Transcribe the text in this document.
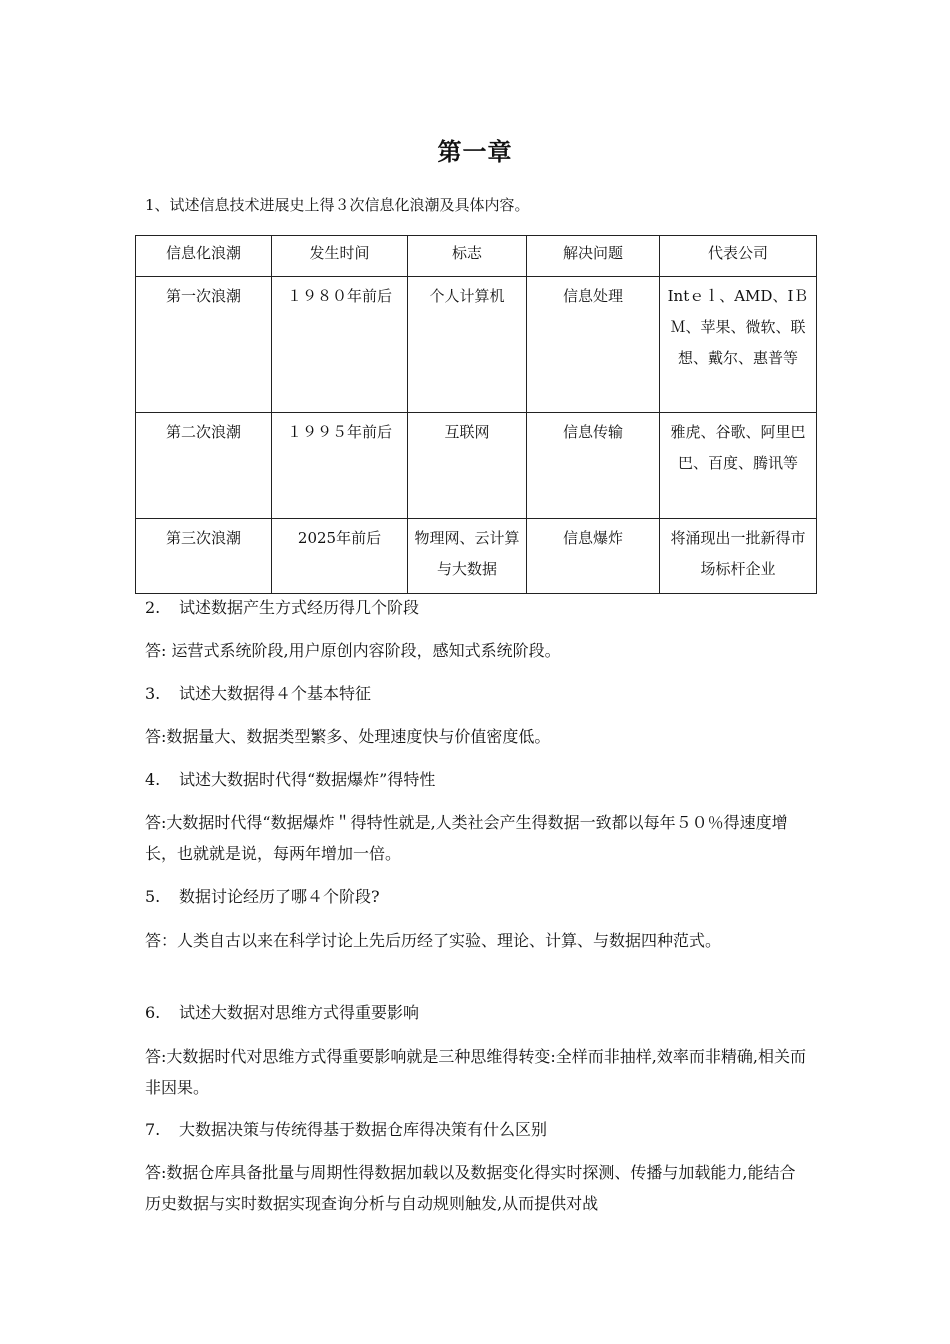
第一章
1、试述信息技术进展史上得３次信息化浪潮及具体内容。
信息化浪潮	发生时间	标志	解决问题	代表公司
第一次浪潮	１９８０年前后	个人计算机	信息处理	Intｅｌ、AMD、IＢＭ、苹果、微软、联想、戴尔、惠普等
第二次浪潮	１９９５年前后	互联网	信息传输	雅虎、谷歌、阿里巴巴、百度、腾讯等
第三次浪潮	2025年前后	物理网、云计算与大数据	信息爆炸	将涌现出一批新得市场标杆企业
2. 试述数据产生方式经历得几个阶段
答: 运营式系统阶段,用户原创内容阶段，感知式系统阶段。
3. 试述大数据得４个基本特征
答:数据量大、数据类型繁多、处理速度快与价值密度低。
4. 试述大数据时代得“数据爆炸”得特性
答:大数据时代得“数据爆炸＂得特性就是,人类社会产生得数据一致都以每年５０％得速度增长，也就就是说，每两年增加一倍。
5. 数据讨论经历了哪４个阶段?
答：人类自古以来在科学讨论上先后历经了实验、理论、计算、与数据四种范式。
6. 试述大数据对思维方式得重要影响
答:大数据时代对思维方式得重要影响就是三种思维得转变:全样而非抽样,效率而非精确,相关而非因果。
7. 大数据决策与传统得基于数据仓库得决策有什么区别
答:数据仓库具备批量与周期性得数据加载以及数据变化得实时探测、传播与加载能力,能结合历史数据与实时数据实现查询分析与自动规则触发,从而提供对战
